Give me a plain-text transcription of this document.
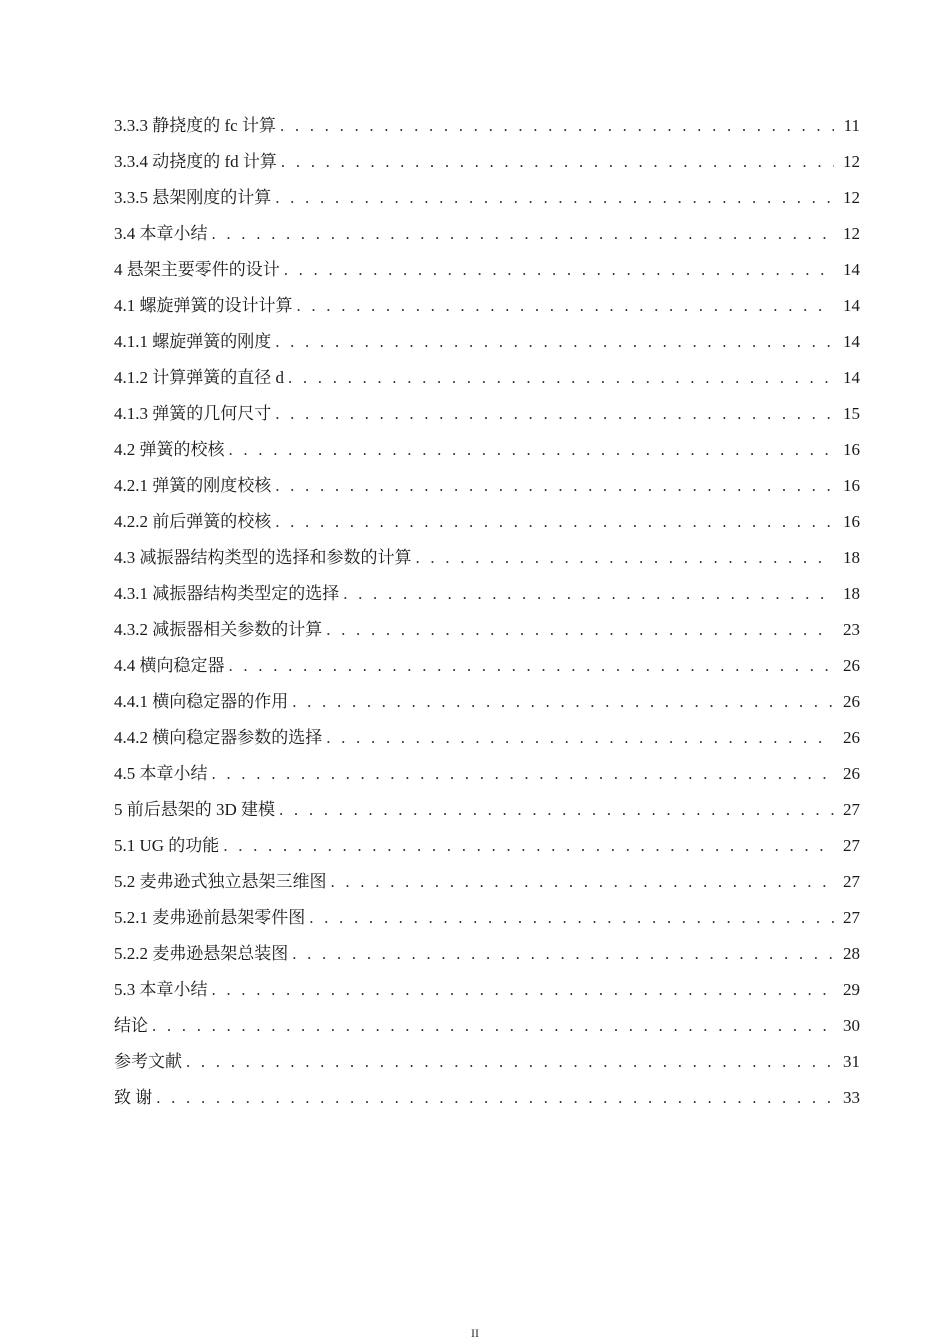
3.3.3 静挠度的 fc 计算 . . .	11
3.3.4 动挠度的 fd 计算 . . .	12
3.3.5 悬架刚度的计算 . . .	12
3.4 本章小结 . . .	12
4 悬架主要零件的设计 . . .	14
4.1 螺旋弹簧的设计计算 . . .	14
4.1.1 螺旋弹簧的刚度 . . .	14
4.1.2 计算弹簧的直径 d . . .	14
4.1.3 弹簧的几何尺寸 . . .	15
4.2 弹簧的校核 . . .	16
4.2.1 弹簧的刚度校核 . . .	16
4.2.2 前后弹簧的校核 . . .	16
4.3 减振器结构类型的选择和参数的计算 . . .	18
4.3.1 减振器结构类型定的选择 . . .	18
4.3.2 减振器相关参数的计算 . . .	23
4.4 横向稳定器 . . .	26
4.4.1 横向稳定器的作用 . . .	26
4.4.2 横向稳定器参数的选择 . . .	26
4.5 本章小结 . . .	26
5 前后悬架的 3D 建模 . . .	27
5.1 UG 的功能 . . .	27
5.2 麦弗逊式独立悬架三维图 . . .	27
5.2.1 麦弗逊前悬架零件图 . . .	27
5.2.2 麦弗逊悬架总装图 . . .	28
5.3 本章小结 . . .	29
结论 . . .	30
参考文献 . . .	31
致 谢 . . .	33
II
